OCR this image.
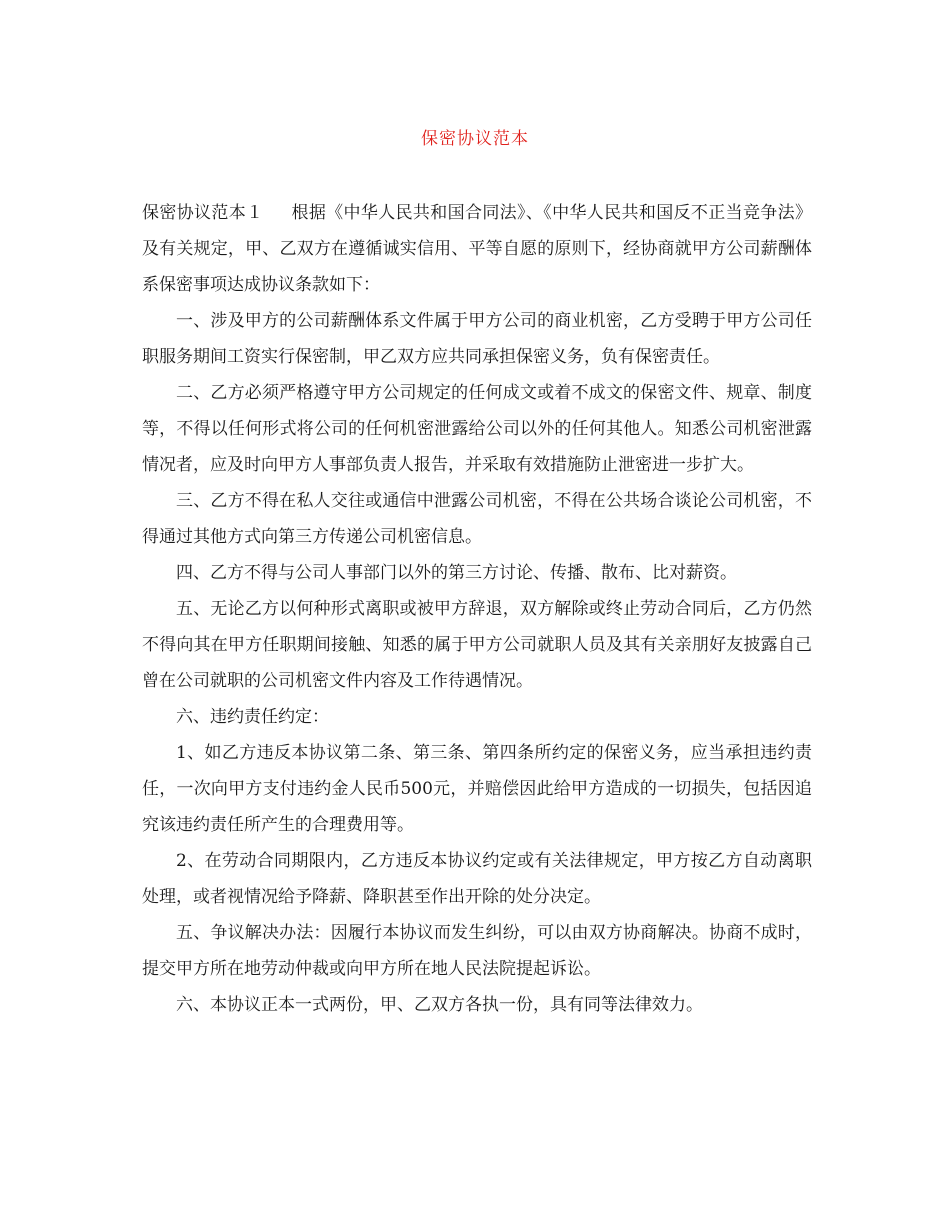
保密协议范本

保密协议范本１ 根据《中华人民共和国合同法》、《中华人民共和国反不正当竞争法》及有关规定，甲、乙双方在遵循诚实信用、平等自愿的原则下，经协商就甲方公司薪酬体系保密事项达成协议条款如下：

一、涉及甲方的公司薪酬体系文件属于甲方公司的商业机密，乙方受聘于甲方公司任职服务期间工资实行保密制，甲乙双方应共同承担保密义务，负有保密责任。

二、乙方必须严格遵守甲方公司规定的任何成文或着不成文的保密文件、规章、制度等，不得以任何形式将公司的任何机密泄露给公司以外的任何其他人。知悉公司机密泄露情况者，应及时向甲方人事部负责人报告，并采取有效措施防止泄密进一步扩大。

三、乙方不得在私人交往或通信中泄露公司机密，不得在公共场合谈论公司机密，不得通过其他方式向第三方传递公司机密信息。

四、乙方不得与公司人事部门以外的第三方讨论、传播、散布、比对薪资。

五、无论乙方以何种形式离职或被甲方辞退，双方解除或终止劳动合同后，乙方仍然不得向其在甲方任职期间接触、知悉的属于甲方公司就职人员及其有关亲朋好友披露自己曾在公司就职的公司机密文件内容及工作待遇情况。

六、违约责任约定：

1、如乙方违反本协议第二条、第三条、第四条所约定的保密义务，应当承担违约责任，一次向甲方支付违约金人民币500元，并赔偿因此给甲方造成的一切损失，包括因追究该违约责任所产生的合理费用等。

2、在劳动合同期限内，乙方违反本协议约定或有关法律规定，甲方按乙方自动离职处理，或者视情况给予降薪、降职甚至作出开除的处分决定。

五、争议解决办法：因履行本协议而发生纠纷，可以由双方协商解决。协商不成时，提交甲方所在地劳动仲裁或向甲方所在地人民法院提起诉讼。

六、本协议正本一式两份，甲、乙双方各执一份，具有同等法律效力。
